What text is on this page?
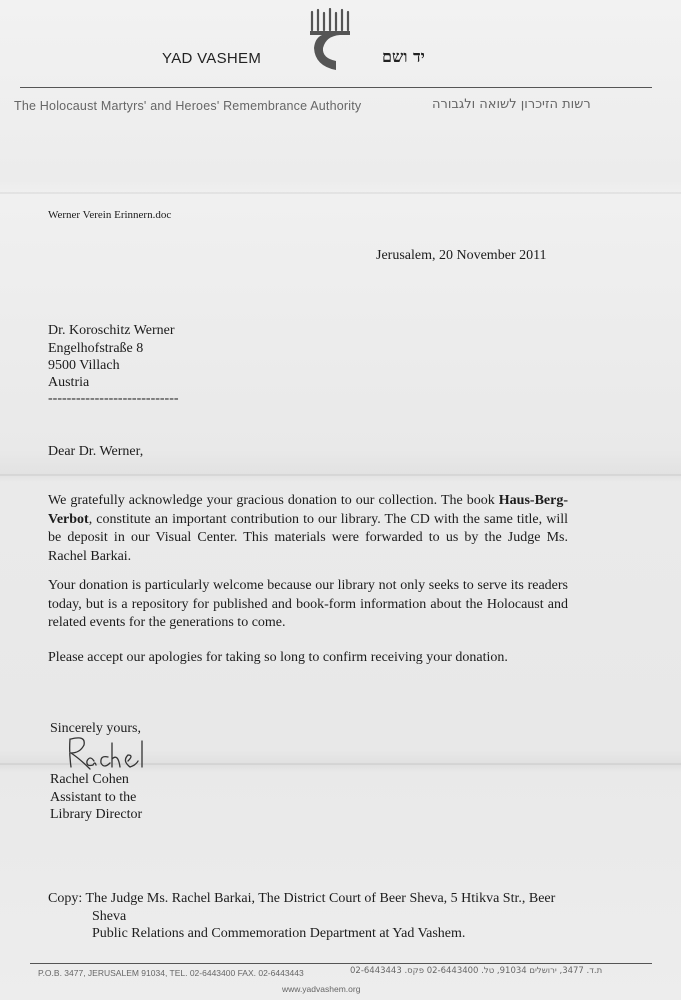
YAD VASHEM	יד ושם
The Holocaust Martyrs' and Heroes' Remembrance Authority	רשות הזיכרון לשואה ולגבורה
Werner Verein Erinnern.doc
Jerusalem, 20 November 2011
Dr. Koroschitz Werner
Engelhofstraße 8
9500 Villach
Austria
----------------------------
Dear Dr. Werner,
We gratefully acknowledge your gracious donation to our collection. The book Haus-Berg-Verbot, constitute an important contribution to our library. The CD with the same title, will be deposit in our Visual Center. This materials were forwarded to us by the Judge Ms. Rachel Barkai.
Your donation is particularly welcome because our library not only seeks to serve its readers today, but is a repository for published and book-form information about the Holocaust and related events for the generations to come.
Please accept our apologies for taking so long to confirm receiving your donation.
Sincerely yours,
Rachel Cohen
Assistant to the
Library Director
Copy: The Judge Ms. Rachel Barkai, The District Court of Beer Sheva, 5 Htikva Str., Beer
Sheva
Public Relations and Commemoration Department at Yad Vashem.
P.O.B. 3477, JERUSALEM 91034, TEL. 02-6443400 FAX. 02-6443443	ת.ד. 3477, ירושלים 91034, טל. 02-6443400 פקס. 02-6443443
www.yadvashem.org
